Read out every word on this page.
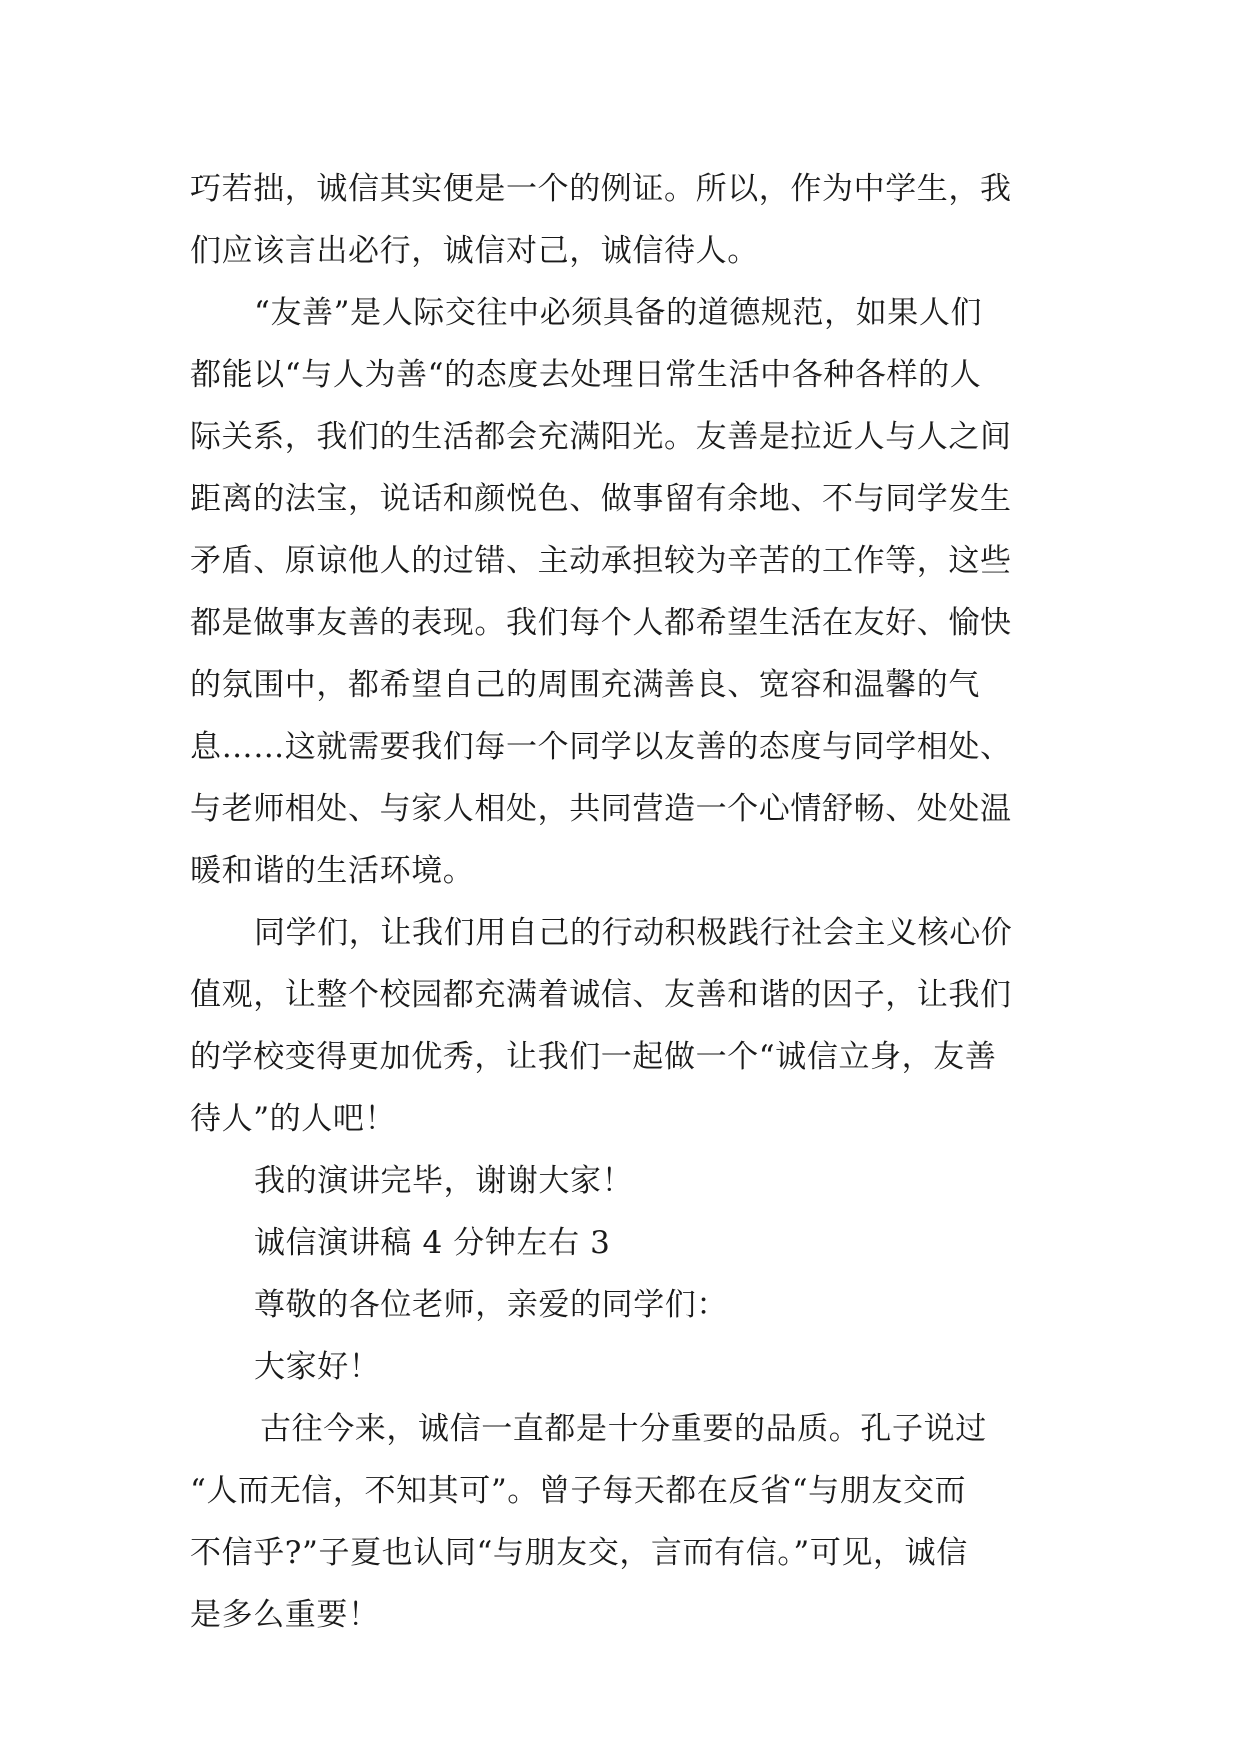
巧若拙，诚信其实便是一个的例证。所以，作为中学生，我
们应该言出必行，诚信对己，诚信待人。
“友善”是人际交往中必须具备的道德规范，如果人们
都能以“与人为善“的态度去处理日常生活中各种各样的人
际关系，我们的生活都会充满阳光。友善是拉近人与人之间
距离的法宝，说话和颜悦色、做事留有余地、不与同学发生
矛盾、原谅他人的过错、主动承担较为辛苦的工作等，这些
都是做事友善的表现。我们每个人都希望生活在友好、愉快
的氛围中，都希望自己的周围充满善良、宽容和温馨的气
息……这就需要我们每一个同学以友善的态度与同学相处、
与老师相处、与家人相处，共同营造一个心情舒畅、处处温
暖和谐的生活环境。
同学们，让我们用自己的行动积极践行社会主义核心价
值观，让整个校园都充满着诚信、友善和谐的因子，让我们
的学校变得更加优秀，让我们一起做一个“诚信立身，友善
待人”的人吧！
我的演讲完毕，谢谢大家！
诚信演讲稿 4 分钟左右 3
尊敬的各位老师，亲爱的同学们：
大家好！
古往今来，诚信一直都是十分重要的品质。孔子说过
“人而无信，不知其可”。曾子每天都在反省“与朋友交而
不信乎?”子夏也认同“与朋友交，言而有信。”可见，诚信
是多么重要！
